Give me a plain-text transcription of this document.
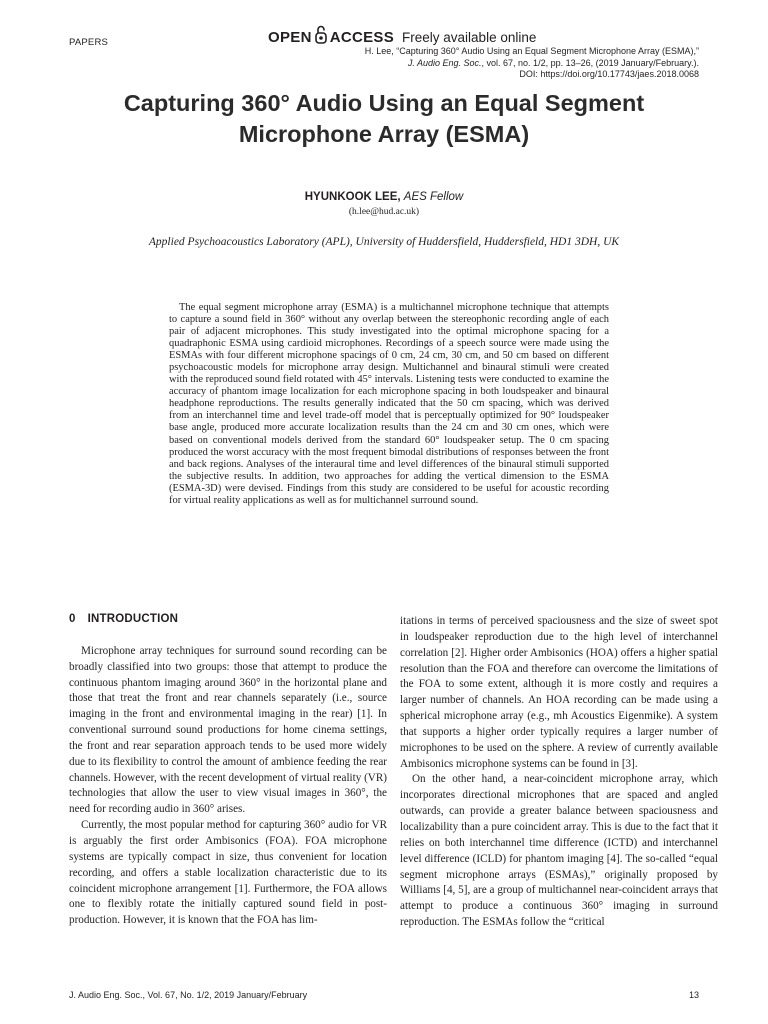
PAPERS	OPEN ACCESS Freely available online
H. Lee, “Capturing 360° Audio Using an Equal Segment Microphone Array (ESMA),”
J. Audio Eng. Soc., vol. 67, no. 1/2, pp. 13–26, (2019 January/February.).
DOI: https://doi.org/10.17743/jaes.2018.0068
Capturing 360° Audio Using an Equal Segment
Microphone Array (ESMA)
HYUNKOOK LEE, AES Fellow
(h.lee@hud.ac.uk)
Applied Psychoacoustics Laboratory (APL), University of Huddersfield, Huddersfield, HD1 3DH, UK

The equal segment microphone array (ESMA) is a multichannel microphone technique that attempts to capture a sound field in 360° without any overlap between the stereophonic recording angle of each pair of adjacent microphones. This study investigated into the optimal microphone spacing for a quadraphonic ESMA using cardioid microphones. Recordings of a speech source were made using the ESMAs with four different microphone spacings of 0 cm, 24 cm, 30 cm, and 50 cm based on different psychoacoustic models for microphone array design. Multichannel and binaural stimuli were created with the reproduced sound field rotated with 45° intervals. Listening tests were conducted to examine the accuracy of phantom image localization for each microphone spacing in both loudspeaker and binaural headphone reproductions. The results generally indicated that the 50 cm spacing, which was derived from an interchannel time and level trade-off model that is perceptually optimized for 90° loudspeaker base angle, produced more accurate localization results than the 24 cm and 30 cm ones, which were based on conventional models derived from the standard 60° loudspeaker setup. The 0 cm spacing produced the worst accuracy with the most frequent bimodal distributions of responses between the front and back regions. Analyses of the interaural time and level differences of the binaural stimuli supported the subjective results. In addition, two approaches for adding the vertical dimension to the ESMA (ESMA-3D) were devised. Findings from this study are considered to be useful for acoustic recording for virtual reality applications as well as for multichannel surround sound.

0 INTRODUCTION

Microphone array techniques for surround sound recording can be broadly classified into two groups: those that attempt to produce the continuous phantom imaging around 360° in the horizontal plane and those that treat the front and rear channels separately (i.e., source imaging in the front and environmental imaging in the rear) [1]. In conventional surround sound productions for home cinema settings, the front and rear separation approach tends to be used more widely due to its flexibility to control the amount of ambience feeding the rear channels. However, with the recent development of virtual reality (VR) technologies that allow the user to view visual images in 360°, the need for recording audio in 360° arises.

Currently, the most popular method for capturing 360° audio for VR is arguably the first order Ambisonics (FOA). FOA microphone systems are typically compact in size, thus convenient for location recording, and offers a stable localization characteristic due to its coincident microphone arrangement [1]. Furthermore, the FOA allows one to flexibly rotate the initially captured sound field in post-production. However, it is known that the FOA has lim-

itations in terms of perceived spaciousness and the size of sweet spot in loudspeaker reproduction due to the high level of interchannel correlation [2]. Higher order Ambisonics (HOA) offers a higher spatial resolution than the FOA and therefore can overcome the limitations of the FOA to some extent, although it is more costly and requires a larger number of channels. An HOA recording can be made using a spherical microphone array (e.g., mh Acoustics Eigenmike). A system that supports a higher order typically requires a larger number of microphones to be used on the sphere. A review of currently available Ambisonics microphone systems can be found in [3].

On the other hand, a near-coincident microphone array, which incorporates directional microphones that are spaced and angled outwards, can provide a greater balance between spaciousness and localizability than a pure coincident array. This is due to the fact that it relies on both interchannel time difference (ICTD) and interchannel level difference (ICLD) for phantom imaging [4]. The so-called “equal segment microphone arrays (ESMAs),” originally proposed by Williams [4, 5], are a group of multichannel near-coincident arrays that attempt to produce a continuous 360° imaging in surround reproduction. The ESMAs follow the “critical

J. Audio Eng. Soc., Vol. 67, No. 1/2, 2019 January/February	13
